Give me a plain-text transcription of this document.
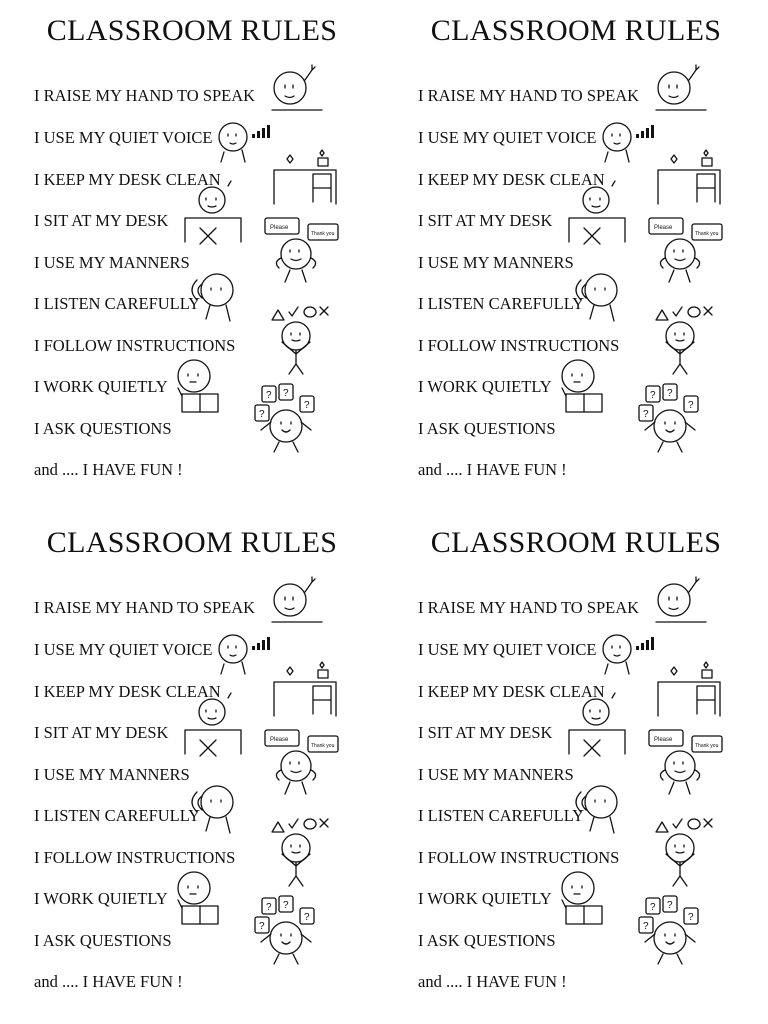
CLASSROOM RULES
I RAISE MY HAND TO SPEAK
I USE MY QUIET VOICE
I KEEP MY DESK CLEAN
I SIT AT MY DESK
I USE MY MANNERS
I LISTEN CAREFULLY
I FOLLOW INSTRUCTIONS
I WORK QUIETLY
I ASK QUESTIONS
and .... I HAVE FUN !
Please
Thank you
? ?
?
?
CLASSROOM RULES
I RAISE MY HAND TO SPEAK
I USE MY QUIET VOICE
I KEEP MY DESK CLEAN
I SIT AT MY DESK
I USE MY MANNERS
I LISTEN CAREFULLY
I FOLLOW INSTRUCTIONS
I WORK QUIETLY
I ASK QUESTIONS
and .... I HAVE FUN !
Please
Thank you
? ?
?
?
CLASSROOM RULES
I RAISE MY HAND TO SPEAK
I USE MY QUIET VOICE
I KEEP MY DESK CLEAN
I SIT AT MY DESK
I USE MY MANNERS
I LISTEN CAREFULLY
I FOLLOW INSTRUCTIONS
I WORK QUIETLY
I ASK QUESTIONS
and .... I HAVE FUN !
Please
Thank you
? ?
?
?
CLASSROOM RULES
I RAISE MY HAND TO SPEAK
I USE MY QUIET VOICE
I KEEP MY DESK CLEAN
I SIT AT MY DESK
I USE MY MANNERS
I LISTEN CAREFULLY
I FOLLOW INSTRUCTIONS
I WORK QUIETLY
I ASK QUESTIONS
and .... I HAVE FUN !
Please
Thank you
? ?
?
?
